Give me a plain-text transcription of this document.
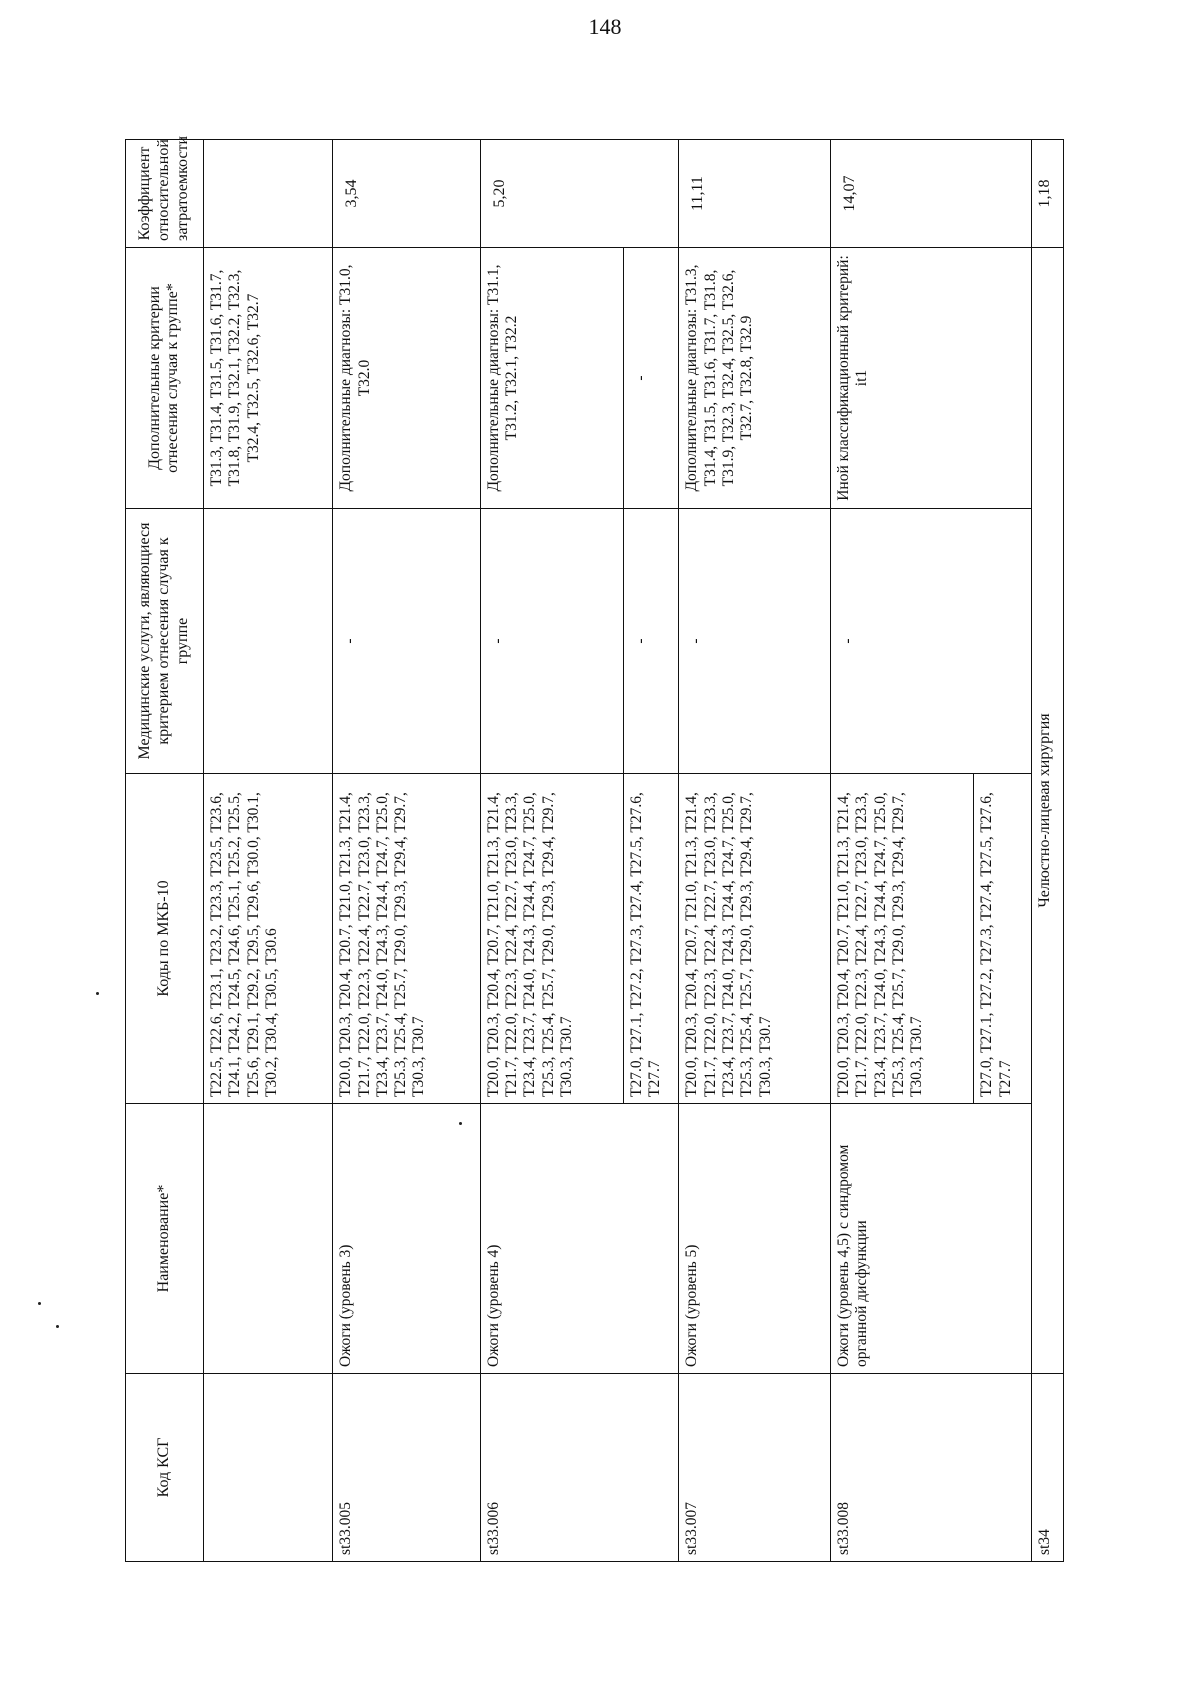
148
Код КСГ	Наименование*	Коды по МКБ-10	Медицинские услуги, являющиеся критерием отнесения случая к группе	Дополнительные критерии отнесения случая к группе*	Коэффициент относительной затратоемкости
		T22.5, T22.6, T23.1, T23.2, T23.3, T23.5, T23.6, T24.1, T24.2, T24.5, T24.6, T25.1, T25.2, T25.5, T25.6, T29.1, T29.2, T29.5, T29.6, T30.0, T30.1, T30.2, T30.4, T30.5, T30.6		T31.3, T31.4, T31.5, T31.6, T31.7, T31.8, T31.9, T32.1, T32.2, T32.3, T32.4, T32.5, T32.6, T32.7	
st33.005	Ожоги (уровень 3)	T20.0, T20.3, T20.4, T20.7, T21.0, T21.3, T21.4, T21.7, T22.0, T22.3, T22.4, T22.7, T23.0, T23.3, T23.4, T23.7, T24.0, T24.3, T24.4, T24.7, T25.0, T25.3, T25.4, T25.7, T29.0, T29.3, T29.4, T29.7, T30.3, T30.7	-	Дополнительные диагнозы: T31.0, T32.0	3,54
st33.006	Ожоги (уровень 4)	T20.0, T20.3, T20.4, T20.7, T21.0, T21.3, T21.4, T21.7, T22.0, T22.3, T22.4, T22.7, T23.0, T23.3, T23.4, T23.7, T24.0, T24.3, T24.4, T24.7, T25.0, T25.3, T25.4, T25.7, T29.0, T29.3, T29.4, T29.7, T30.3, T30.7	-	Дополнительные диагнозы: T31.1, T31.2, T32.1, T32.2	5,20
		T27.0, T27.1, T27.2, T27.3, T27.4, T27.5, T27.6, T27.7	-	-	
st33.007	Ожоги (уровень 5)	T20.0, T20.3, T20.4, T20.7, T21.0, T21.3, T21.4, T21.7, T22.0, T22.3, T22.4, T22.7, T23.0, T23.3, T23.4, T23.7, T24.0, T24.3, T24.4, T24.7, T25.0, T25.3, T25.4, T25.7, T29.0, T29.3, T29.4, T29.7, T30.3, T30.7	-	Дополнительные диагнозы: T31.3, T31.4, T31.5, T31.6, T31.7, T31.8, T31.9, T32.3, T32.4, T32.5, T32.6, T32.7, T32.8, T32.9	11,11
st33.008	Ожоги (уровень 4,5) с синдромом органной дисфункции	T20.0, T20.3, T20.4, T20.7, T21.0, T21.3, T21.4, T21.7, T22.0, T22.3, T22.4, T22.7, T23.0, T23.3, T23.4, T23.7, T24.0, T24.3, T24.4, T24.7, T25.0, T25.3, T25.4, T25.7, T29.0, T29.3, T29.4, T29.7, T30.3, T30.7	-	Иной классификационный критерий: it1	14,07
		T27.0, T27.1, T27.2, T27.3, T27.4, T27.5, T27.6, T27.7			
st34	Челюстно-лицевая хирургия				1,18
